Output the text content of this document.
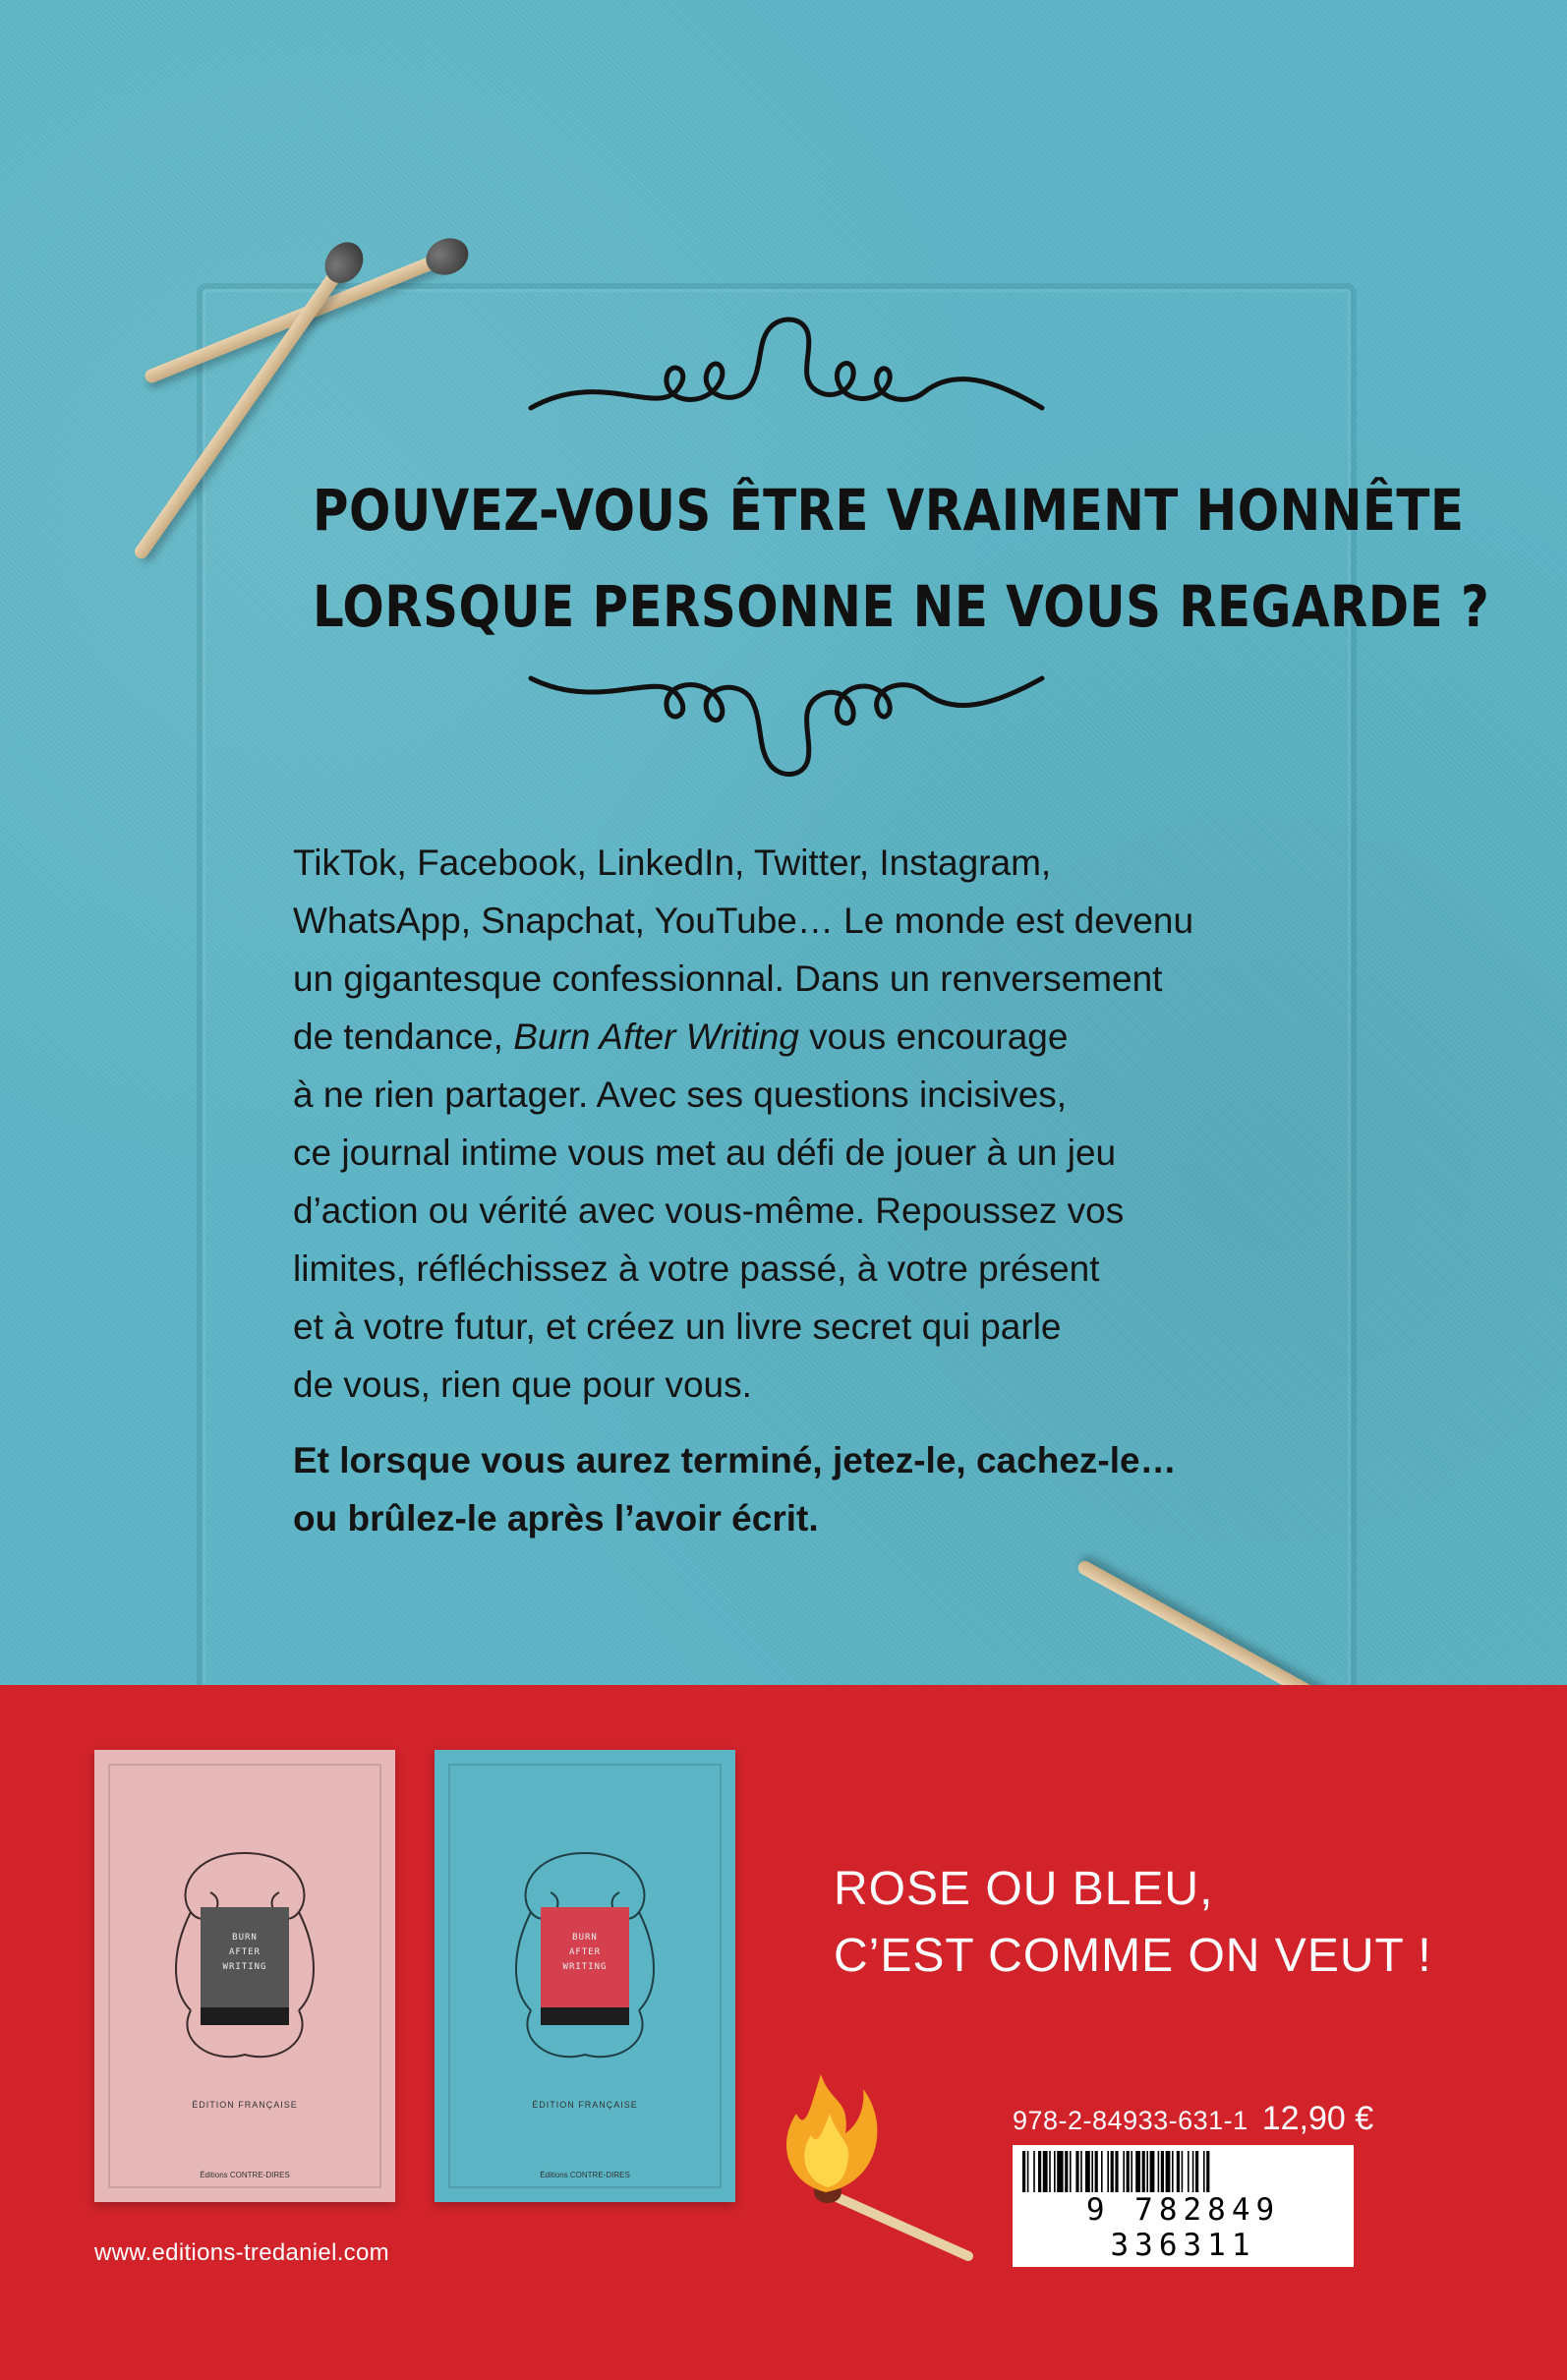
POUVEZ-VOUS ÊTRE VRAIMENT HONNÊTE
LORSQUE PERSONNE NE VOUS REGARDE ?

TikTok, Facebook, LinkedIn, Twitter, Instagram,
WhatsApp, Snapchat, YouTube… Le monde est devenu
un gigantesque confessionnal. Dans un renversement
de tendance, Burn After Writing vous encourage
à ne rien partager. Avec ses questions incisives,
ce journal intime vous met au défi de jouer à un jeu
d’action ou vérité avec vous-même. Repoussez vos
limites, réfléchissez à votre passé, à votre présent
et à votre futur, et créez un livre secret qui parle
de vous, rien que pour vous.

Et lorsque vous aurez terminé, jetez-le, cachez-le…
ou brûlez-le après l’avoir écrit.

BURN
AFTER
WRITING
ÉDITION FRANÇAISE
Éditions CONTRE-DIRES
BURN
AFTER
WRITING
ÉDITION FRANÇAISE
Éditions CONTRE-DIRES
ROSE OU BLEU,
C’EST COMME ON VEUT !
978-2-84933-631-1 12,90 €
9 782849 336311
www.editions-tredaniel.com
